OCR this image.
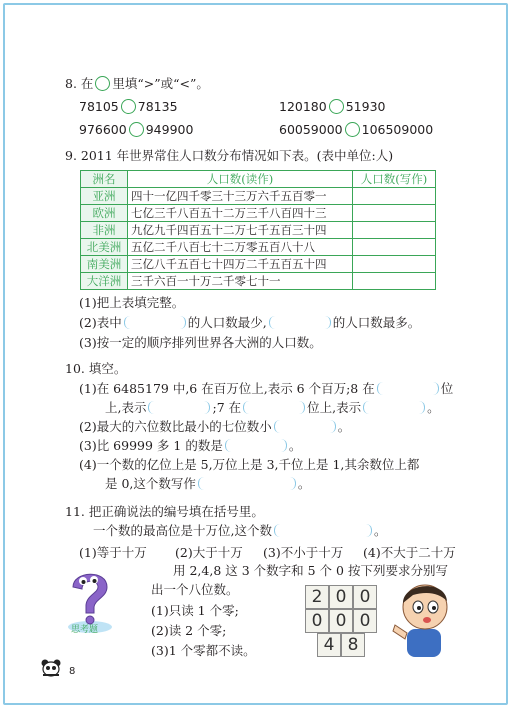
8. 在 里填“>”或“<”。
78105 78135	120180 51930
976600 949900	60059000 106509000
9. 2011 年世界常住人口数分布情况如下表。(表中单位:人)
洲名	人口数(读作)	人口数(写作)
亚洲	四十一亿四千零三十三万六千五百零一	
欧洲	七亿三千八百五十二万三千八百四十三	
非洲	九亿九千四百五十二万七千五百三十四	
北美洲	五亿二千八百七十二万零五百八十八	
南美洲	三亿八千五百七十四万二千五百五十四	
大洋洲	三千六百一十万二千零七十一	
(1)把上表填完整。
(2)表中	的人口数最少,	的人口数最多。
(3)按一定的顺序排列世界各大洲的人口数。
10. 填空。
(1)在 6485179 中,6 在百万位上,表示 6 个百万;8 在	位
上,表示	;7 在	位上,表示	。
(2)最大的六位数比最小的七位数小	。
(3)比 69999 多 1 的数是	。
(4)一个数的亿位上是 5,万位上是 3,千位上是 1,其余数位上都
是 0,这个数写作	。
11. 把正确说法的编号填在括号里。
一个数的最高位是十万位,这个数	。
(1)等于十万 (2)大于十万 (3)不小于十万 (4)不大于二十万
思考题
用 2,4,8 这 3 个数字和 5 个 0 按下列要求分别写
出一个八位数。
(1)只读 1 个零;
(2)读 2 个零;
(3)1 个零都不读。
2 0 0
0 0 0
4 8
8
